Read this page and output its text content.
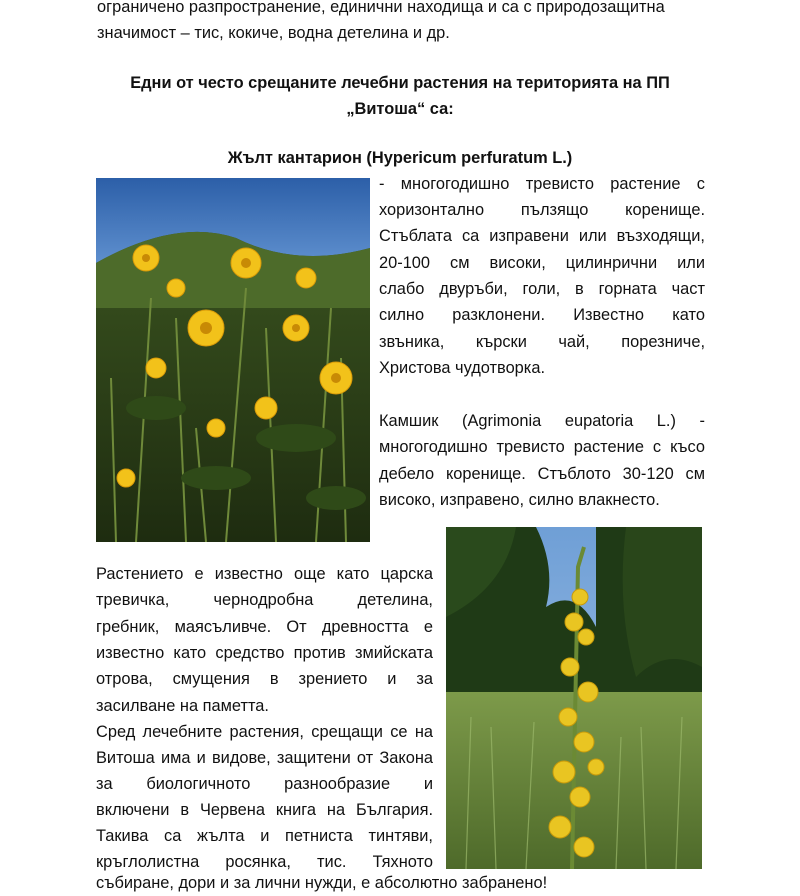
ограничено разпространение, единични находища и са с природозащитна
значимост – тис, кокиче, водна детелина и др.
Едни от често срещаните лечебни растения на територията на ПП
„Витоша“ са:
Жълт кантарион (Hypericum perfuratum L.)
- многогодишно тревисто растение с
хоризонтално пълзящо коренище.
Стъблата са изправени или възходящи,
20-100 см високи, цилинрични или
слабо двуръби, голи, в горната част
силно разклонени. Известно като
звъника, кърски чай, порезниче,
Христова чудотворка.
Камшик (Agrimonia eupatoria L.) -
многогодишно тревисто растение с късо
дебело коренище. Стъблото 30-120 см
високо, изправено, силно влакнесто.
Растението е известно още като царска
тревичка, чернодробна детелина,
гребник, маясъливче. От древността е
известно като средство против змийската
отрова, смущения в зрението и за
засилване на паметта.
Сред лечебните растения, срещащи се на
Витоша има и видове, защитени от Закона
за биологичното разнообразие и
включени в Червена книга на България.
Такива са жълта и петниста тинтяви,
кръглолистна росянка, тис. Тяхното
събиране, дори и за лични нужди, е абсолютно забранено!
